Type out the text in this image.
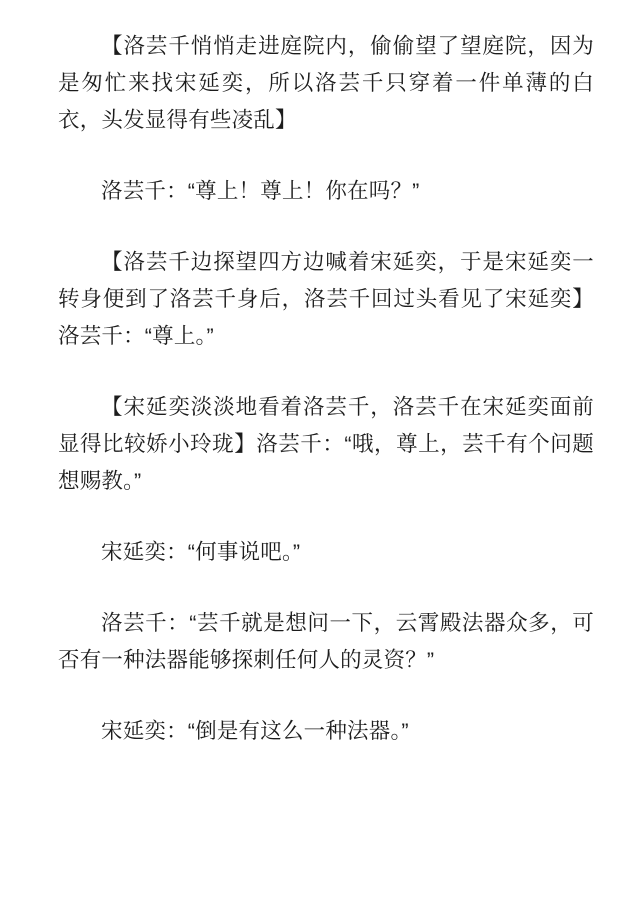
【洛芸千悄悄走进庭院内，偷偷望了望庭院，因为是匆忙来找宋延奕，所以洛芸千只穿着一件单薄的白衣，头发显得有些凌乱】

洛芸千：“尊上！尊上！你在吗？”

【洛芸千边探望四方边喊着宋延奕，于是宋延奕一转身便到了洛芸千身后，洛芸千回过头看见了宋延奕】洛芸千：“尊上。”

【宋延奕淡淡地看着洛芸千，洛芸千在宋延奕面前显得比较娇小玲珑】洛芸千：“哦，尊上，芸千有个问题想赐教。”

宋延奕：“何事说吧。”

洛芸千：“芸千就是想问一下，云霄殿法器众多，可否有一种法器能够探刺任何人的灵资？”

宋延奕：“倒是有这么一种法器。”
